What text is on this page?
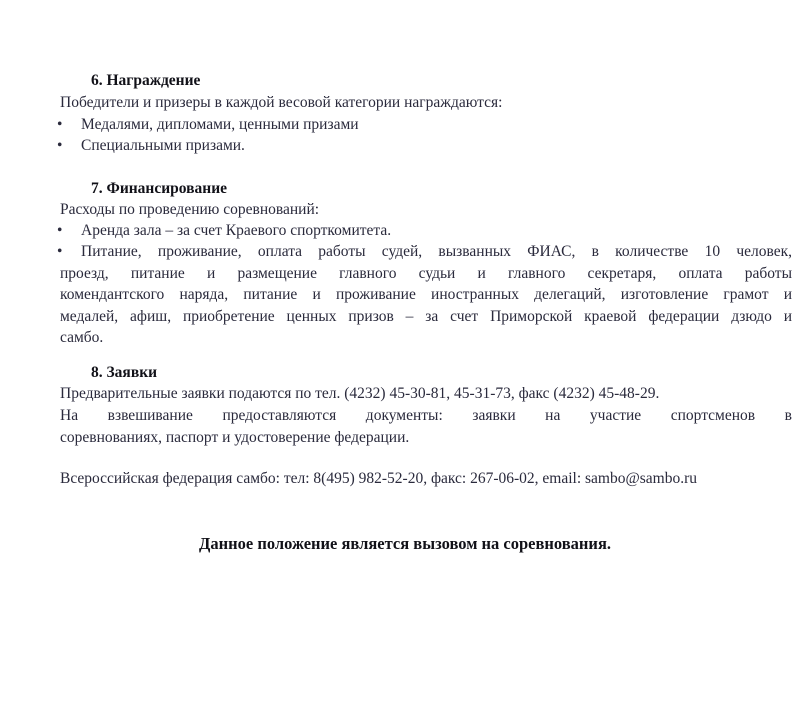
6. Награждение
Победители и призеры в каждой весовой категории награждаются:
• Медалями, дипломами, ценными призами
• Специальными призами.
7. Финансирование
Расходы по проведению соревнований:
• Аренда зала – за счет Краевого спорткомитета.
•	Питание, проживание, оплата работы судей, вызванных ФИАС, в количестве 10 человек,
проезд, питание и размещение главного судьи и главного секретаря, оплата работы
комендантского наряда, питание и проживание иностранных делегаций, изготовление грамот и
медалей, афиш, приобретение ценных призов – за счет Приморской краевой федерации дзюдо и
самбо.
8. Заявки
Предварительные заявки подаются по тел. (4232) 45-30-81, 45-31-73, факс (4232) 45-48-29.
На взвешивание предоставляются документы: заявки на участие спортсменов в
соревнованиях, паспорт и удостоверение федерации.
Всероссийская федерация самбо: тел: 8(495) 982-52-20, факс: 267-06-02, email: sambo@sambo.ru
Данное положение является вызовом на соревнования.
